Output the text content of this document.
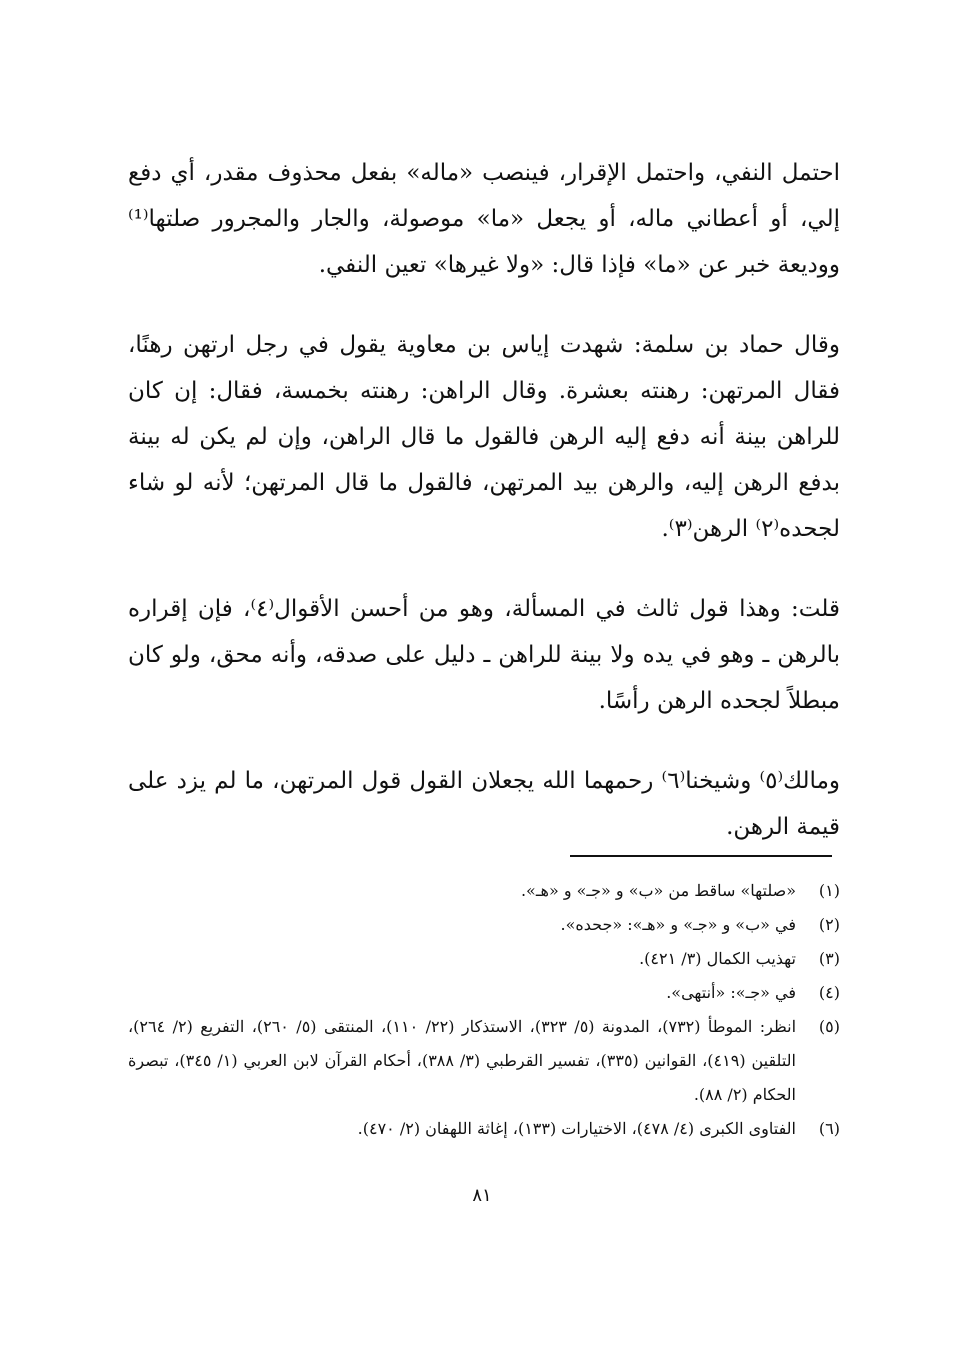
احتمل النفي، واحتمل الإقرار، فينصب «ماله» بفعل محذوف مقدر، أي دفع إلي، أو أعطاني ماله، أو يجعل «ما» موصولة، والجار والمجرور صلتها⁽¹⁾ ووديعة خبر عن «ما» فإذا قال: «ولا غيرها» تعين النفي.

وقال حماد بن سلمة: شهدت إياس بن معاوية يقول في رجل ارتهن رهنًا، فقال المرتهن: رهنته بعشرة. وقال الراهن: رهنته بخمسة، فقال: إن كان للراهن بينة أنه دفع إليه الرهن فالقول ما قال الراهن، وإن لم يكن له بينة بدفع الرهن إليه، والرهن بيد المرتهن، فالقول ما قال المرتهن؛ لأنه لو شاء لجحده⁽٢⁾ الرهن⁽٣⁾.

قلت: وهذا قول ثالث في المسألة، وهو من أحسن الأقوال⁽٤⁾، فإن إقراره بالرهن ـ وهو في يده ولا بينة للراهن ـ دليل على صدقه، وأنه محق، ولو كان مبطلاً لجحده الرهن رأسًا.

ومالك⁽٥⁾ وشيخنا⁽٦⁾ رحمهما الله يجعلان القول قول المرتهن، ما لم يزد على قيمة الرهن.

(١)
«صلتها» ساقط من «ب» و «جـ» و «هـ».
(٢)
في «ب» و «جـ» و «هـ»: «جحده».
(٣)
تهذيب الكمال (٣/ ٤٢١).
(٤)
في «جـ»: «أنتهى».
(٥)
انظر: الموطأ (٧٣٢)، المدونة (٥/ ٣٢٣)، الاستذكار (٢٢/ ١١٠)، المنتقى (٥/ ٢٦٠)، التفريع (٢/ ٢٦٤)، التلقين (٤١٩)، القوانين (٣٣٥)، تفسير القرطبي (٣/ ٣٨٨)، أحكام القرآن لابن العربي (١/ ٣٤٥)، تبصرة الحكام (٢/ ٨٨).
(٦)
الفتاوى الكبرى (٤/ ٤٧٨)، الاختيارات (١٣٣)، إغاثة اللهفان (٢/ ٤٧٠).
٨١
